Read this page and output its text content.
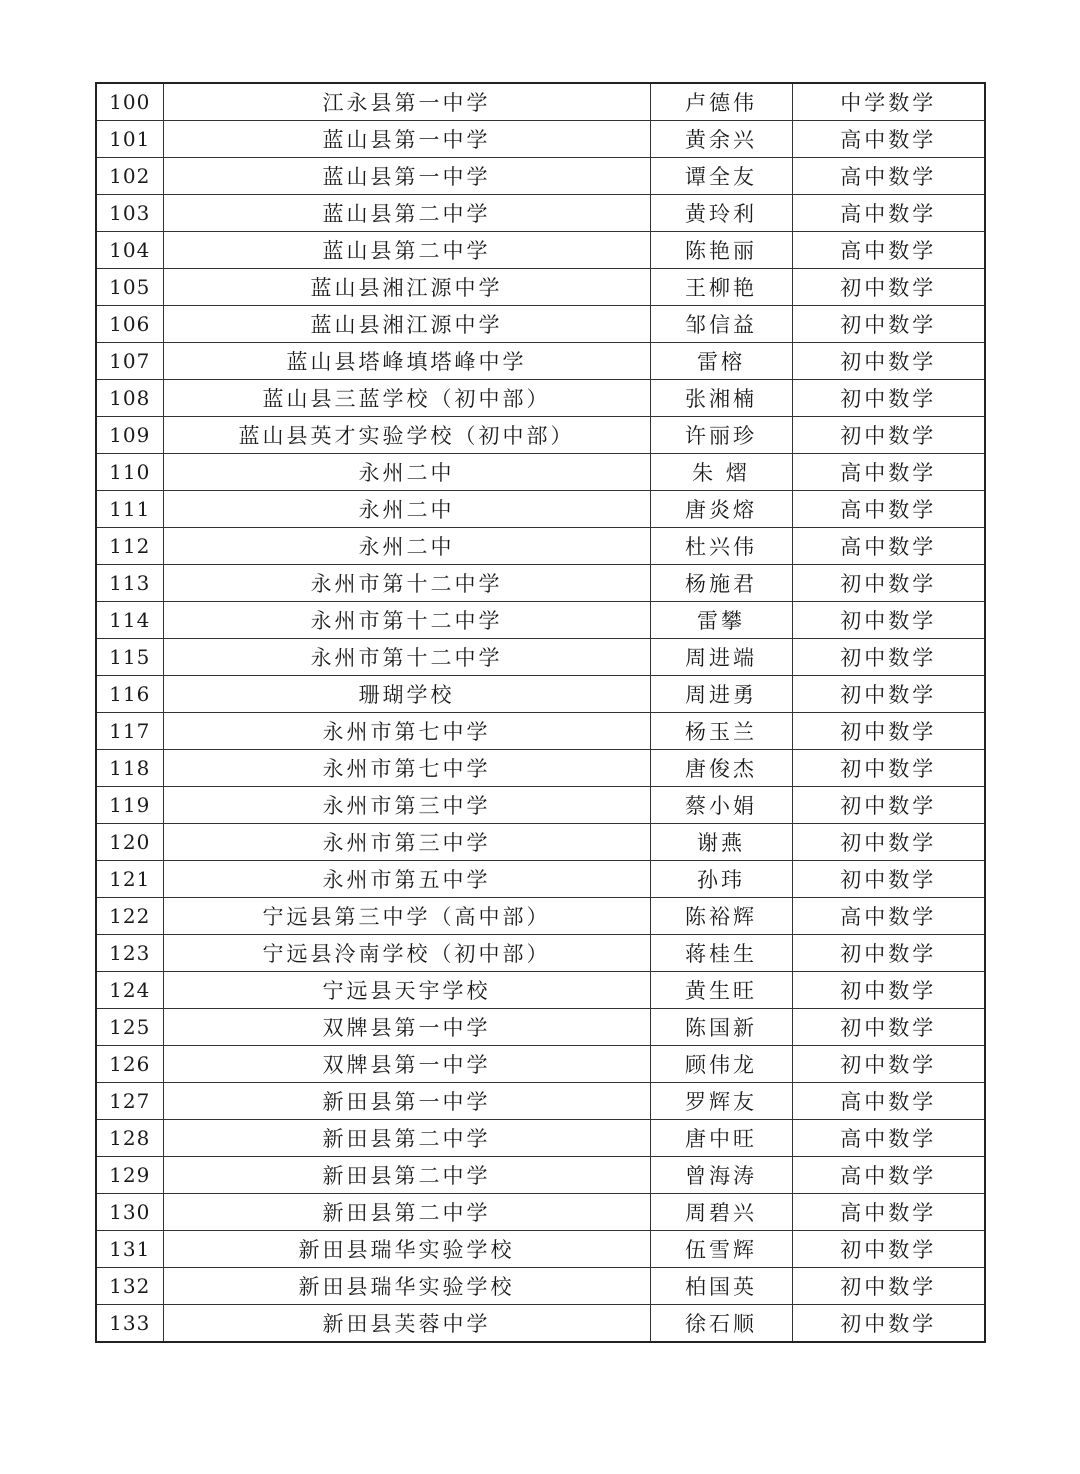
100	江永县第一中学	卢德伟	中学数学
101	蓝山县第一中学	黄余兴	高中数学
102	蓝山县第一中学	谭全友	高中数学
103	蓝山县第二中学	黄玲利	高中数学
104	蓝山县第二中学	陈艳丽	高中数学
105	蓝山县湘江源中学	王柳艳	初中数学
106	蓝山县湘江源中学	邹信益	初中数学
107	蓝山县塔峰填塔峰中学	雷榕	初中数学
108	蓝山县三蓝学校（初中部）	张湘楠	初中数学
109	蓝山县英才实验学校（初中部）	许丽珍	初中数学
110	永州二中	朱 熠	高中数学
111	永州二中	唐炎熔	高中数学
112	永州二中	杜兴伟	高中数学
113	永州市第十二中学	杨施君	初中数学
114	永州市第十二中学	雷攀	初中数学
115	永州市第十二中学	周进端	初中数学
116	珊瑚学校	周进勇	初中数学
117	永州市第七中学	杨玉兰	初中数学
118	永州市第七中学	唐俊杰	初中数学
119	永州市第三中学	蔡小娟	初中数学
120	永州市第三中学	谢燕	初中数学
121	永州市第五中学	孙玮	初中数学
122	宁远县第三中学（高中部）	陈裕辉	高中数学
123	宁远县泠南学校（初中部）	蒋桂生	初中数学
124	宁远县天宇学校	黄生旺	初中数学
125	双牌县第一中学	陈国新	初中数学
126	双牌县第一中学	顾伟龙	初中数学
127	新田县第一中学	罗辉友	高中数学
128	新田县第二中学	唐中旺	高中数学
129	新田县第二中学	曾海涛	高中数学
130	新田县第二中学	周碧兴	高中数学
131	新田县瑞华实验学校	伍雪辉	初中数学
132	新田县瑞华实验学校	柏国英	初中数学
133	新田县芙蓉中学	徐石顺	初中数学
